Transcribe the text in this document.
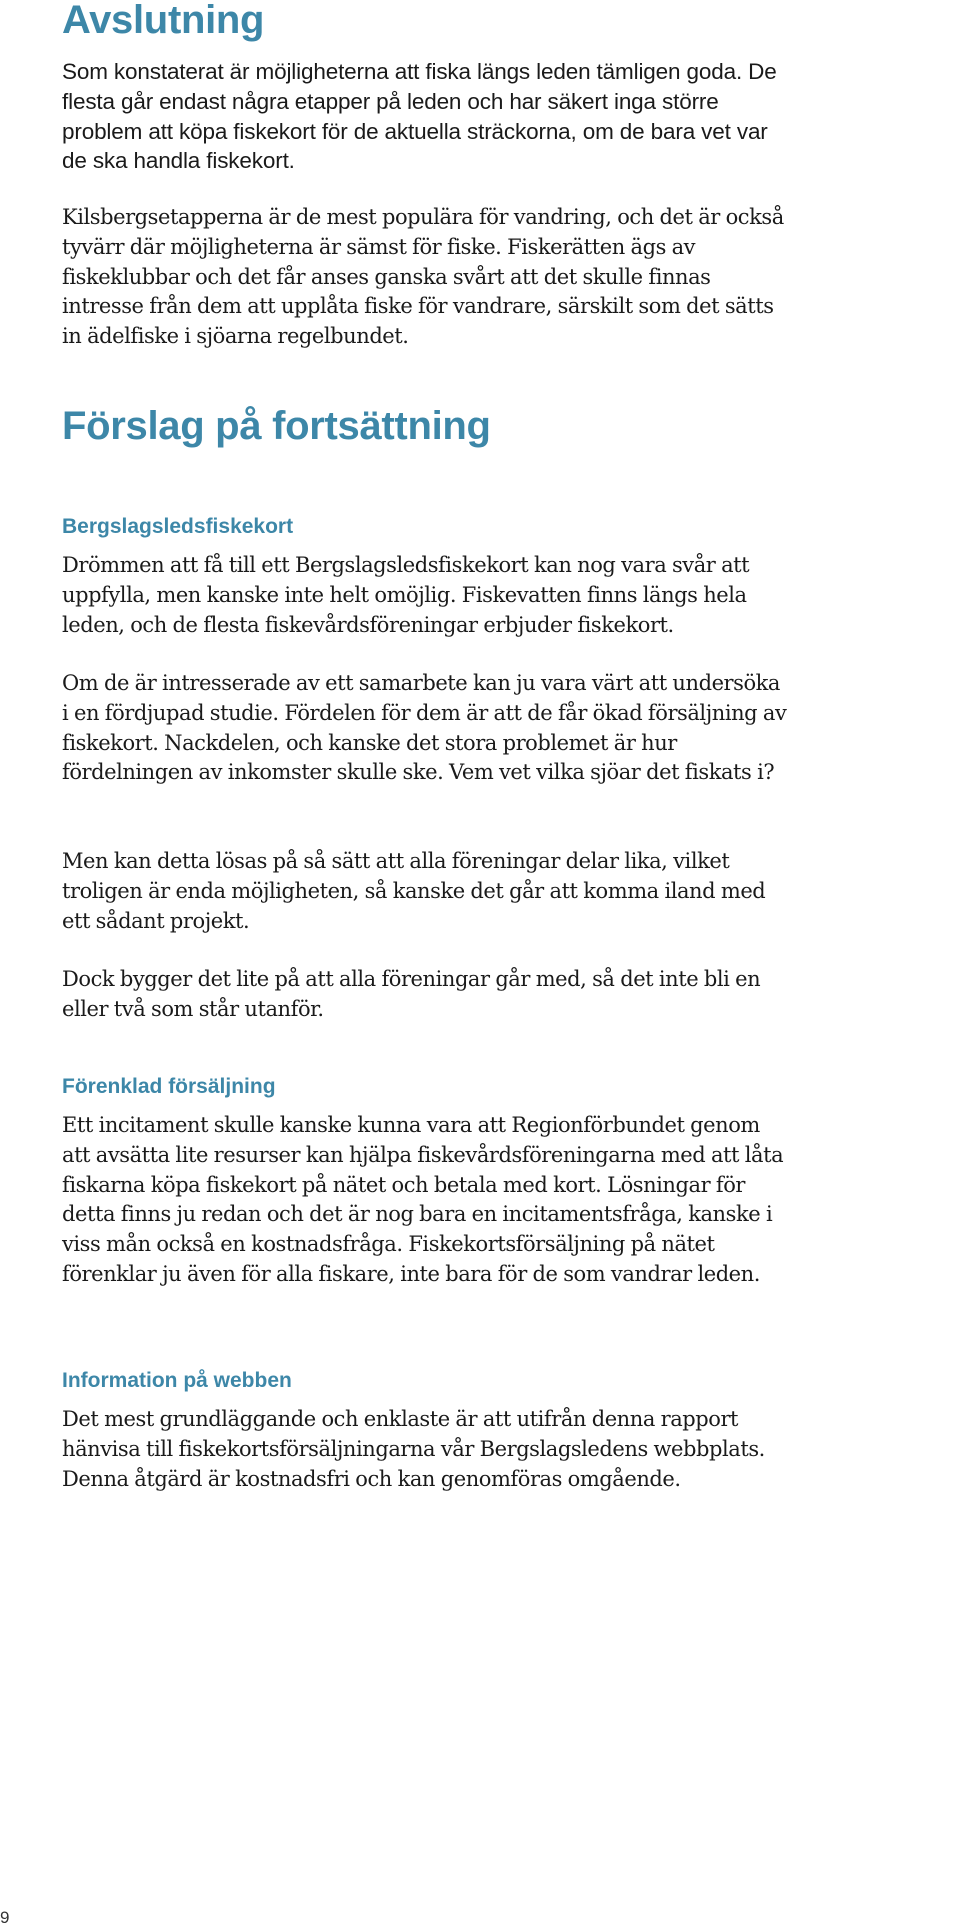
Avslutning

Som konstaterat är möjligheterna att fiska längs leden tämligen goda. De flesta går endast några etapper på leden och har säkert inga större problem att köpa fiskekort för de aktuella sträckorna, om de bara vet var de ska handla fiskekort.

Kilsbergsetapperna är de mest populära för vandring, och det är också tyvärr där möjligheterna är sämst för fiske. Fiskerätten ägs av fiskeklubbar och det får anses ganska svårt att det skulle finnas intresse från dem att upplåta fiske för vandrare, särskilt som det sätts in ädelfiske i sjöarna regelbundet.

Förslag på fortsättning
Bergslagsledsfiskekort

Drömmen att få till ett Bergslagsledsfiskekort kan nog vara svår att uppfylla, men kanske inte helt omöjlig. Fiskevatten finns längs hela leden, och de flesta fiskevårdsföreningar erbjuder fiskekort.

Om de är intresserade av ett samarbete kan ju vara värt att undersöka i en fördjupad studie. Fördelen för dem är att de får ökad försäljning av fiskekort. Nackdelen, och kanske det stora problemet är hur fördelningen av inkomster skulle ske. Vem vet vilka sjöar det fiskats i?

Men kan detta lösas på så sätt att alla föreningar delar lika, vilket troligen är enda möjligheten, så kanske det går att komma iland med ett sådant projekt.

Dock bygger det lite på att alla föreningar går med, så det inte bli en eller två som står utanför.

Förenklad försäljning

Ett incitament skulle kanske kunna vara att Regionförbundet genom att avsätta lite resurser kan hjälpa fiskevårdsföreningarna med att låta fiskarna köpa fiskekort på nätet och betala med kort. Lösningar för detta finns ju redan och det är nog bara en incitamentsfråga, kanske i viss mån också en kostnadsfråga. Fiskekortsförsäljning på nätet förenklar ju även för alla fiskare, inte bara för de som vandrar leden.

Information på webben

Det mest grundläggande och enklaste är att utifrån denna rapport hänvisa till fiskekortsförsäljningarna vår Bergslagsledens webbplats. Denna åtgärd är kostnadsfri och kan genomföras omgående.

9
